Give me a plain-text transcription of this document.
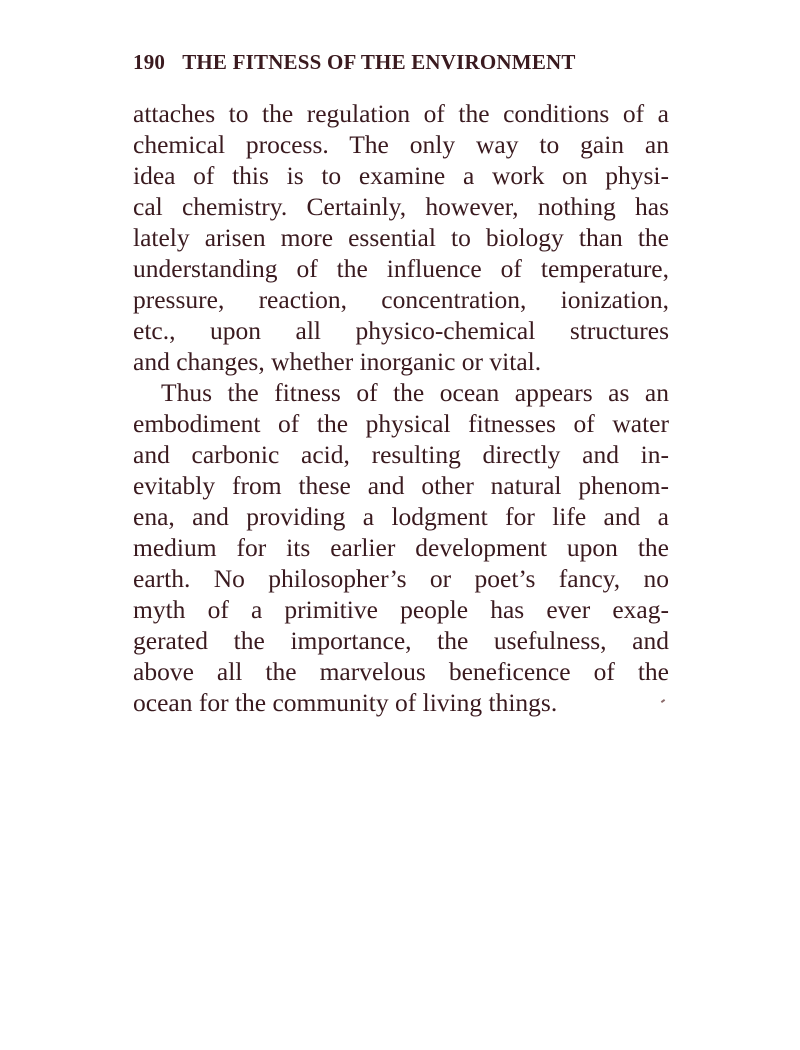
190 THE FITNESS OF THE ENVIRONMENT
attaches to the regulation of the conditions of a
chemical process. The only way to gain an
idea of this is to examine a work on physi-
cal chemistry. Certainly, however, nothing has
lately arisen more essential to biology than the
understanding of the influence of temperature,
pressure, reaction, concentration, ionization,
etc., upon all physico-chemical structures
and changes, whether inorganic or vital.
Thus the fitness of the ocean appears as an
embodiment of the physical fitnesses of water
and carbonic acid, resulting directly and in-
evitably from these and other natural phenom-
ena, and providing a lodgment for life and a
medium for its earlier development upon the
earth. No philosopher’s or poet’s fancy, no
myth of a primitive people has ever exag-
gerated the importance, the usefulness, and
above all the marvelous beneficence of the
ocean for the community of living things.
